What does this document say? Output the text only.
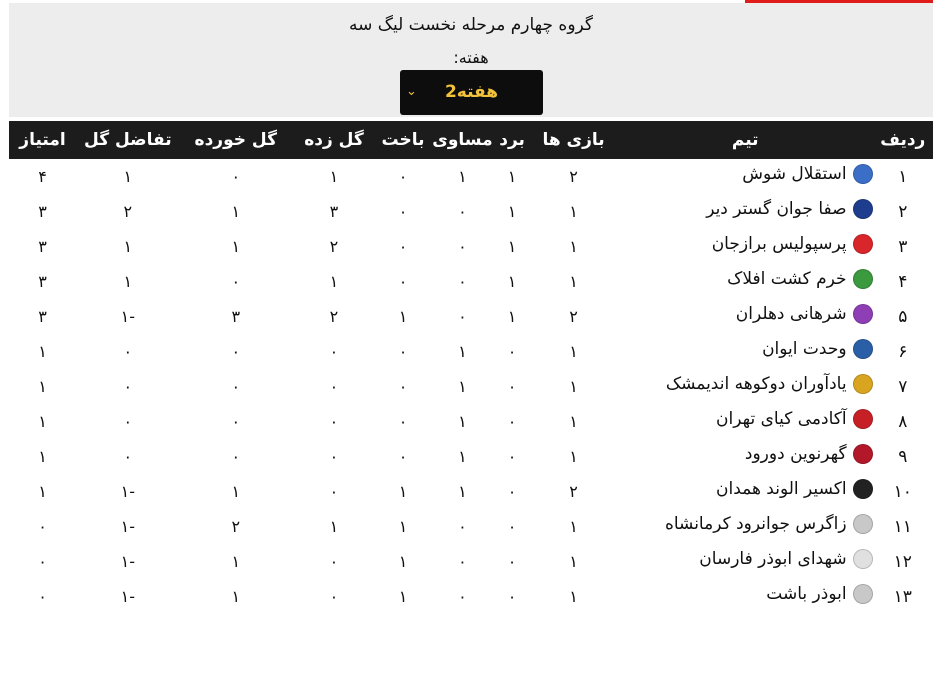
گروه چهارم مرحله نخست لیگ سه
هفته:
هفته2
⌄
ردیف	تیم	بازی ها	برد	مساوی	باخت	گل زده	گل خورده	تفاضل گل	امتیاز
۱	استقلال شوش	۲	۱	۱	۰	۱	۰	۱	۴
۲	صفا جوان گستر دیر	۱	۱	۰	۰	۳	۱	۲	۳
۳	پرسپولیس برازجان	۱	۱	۰	۰	۲	۱	۱	۳
۴	خرم کشت افلاک	۱	۱	۰	۰	۱	۰	۱	۳
۵	شرهانی دهلران	۲	۱	۰	۱	۲	۳	-۱	۳
۶	وحدت ایوان	۱	۰	۱	۰	۰	۰	۰	۱
۷	یادآوران دوکوهه اندیمشک	۱	۰	۱	۰	۰	۰	۰	۱
۸	آکادمی کیای تهران	۱	۰	۱	۰	۰	۰	۰	۱
۹	گهرنوین دورود	۱	۰	۱	۰	۰	۰	۰	۱
۱۰	اکسیر الوند همدان	۲	۰	۱	۱	۰	۱	-۱	۱
۱۱	زاگرس جوانرود کرمانشاه	۱	۰	۰	۱	۱	۲	-۱	۰
۱۲	شهدای ابوذر فارسان	۱	۰	۰	۱	۰	۱	-۱	۰
۱۳	ابوذر باشت	۱	۰	۰	۱	۰	۱	-۱	۰
